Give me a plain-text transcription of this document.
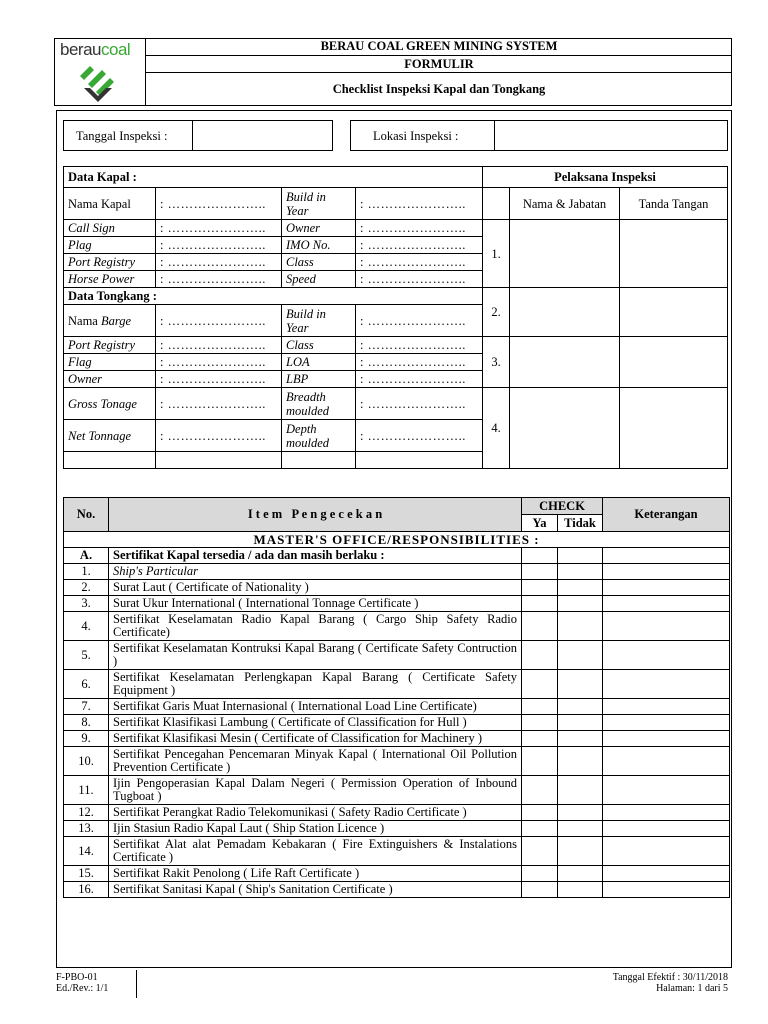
beraucoal	BERAU COAL GREEN MINING SYSTEM
FORMULIR
Checklist Inspeksi Kapal dan Tongkang
Tanggal Inspeksi :	Lokasi Inspeksi :
Data Kapal :				Pelaksana Inspeksi		
Nama Kapal	: …………………..	Build in Year	: …………………..		Nama & Jabatan	Tanda Tangan
Call Sign	: …………………..	Owner	: …………………..	1.		
Plag	: …………………..	IMO No.	: …………………..			
Port Registry	: …………………..	Class	: …………………..			
Horse Power	: …………………..	Speed	: …………………..			
Data Tongkang :				2.		
Nama Barge	: …………………..	Build in Year	: …………………..			
Port Registry	: …………………..	Class	: …………………..	3.		
Flag	: …………………..	LOA	: …………………..			
Owner	: …………………..	LBP	: …………………..			
Gross Tonage	: …………………..	Breadth moulded	: …………………..	4.		
Net Tonnage	: …………………..	Depth moulded	: …………………..			

No.	I t e m   P e n g e c e k a n	CHECK		Keterangan
		Ya	Tidak	
MASTER'S OFFICE/RESPONSIBILITIES :				
A.	Sertifikat Kapal tersedia / ada dan masih berlaku :			
1.	Ship's Particular			
2.	Surat Laut ( Certificate of Nationality )			
3.	Surat Ukur International ( International Tonnage Certificate )			
4.	Sertifikat Keselamatan Radio Kapal Barang ( Cargo Ship Safety Radio Certificate)			
5.	Sertifikat Keselamatan Kontruksi Kapal Barang ( Certificate Safety Contruction )			
6.	Sertifikat Keselamatan Perlengkapan Kapal Barang ( Certificate Safety Equipment )			
7.	Sertifikat Garis Muat Internasional ( International Load Line Certificate)			
8.	Sertifikat Klasifikasi Lambung ( Certificate of Classification for Hull )			
9.	Sertifikat Klasifikasi Mesin ( Certificate of Classification for Machinery )			
10.	Sertifikat Pencegahan Pencemaran Minyak Kapal ( International Oil Pollution Prevention Certificate )			
11.	Ijin Pengoperasian Kapal Dalam Negeri ( Permission Operation of Inbound Tugboat )			
12.	Sertifikat Perangkat Radio Telekomunikasi ( Safety Radio Certificate )			
13.	Ijin Stasiun Radio Kapal Laut ( Ship Station Licence )			
14.	Sertifikat Alat alat Pemadam Kebakaran ( Fire Extinguishers & Instalations Certificate )			
15.	Sertifikat Rakit Penolong ( Life Raft Certificate )			
16.	Sertifikat Sanitasi Kapal ( Ship's Sanitation Certificate )			
F-PBO-01
Ed./Rev.: 1/1
Tanggal Efektif : 30/11/2018
Halaman: 1 dari 5
